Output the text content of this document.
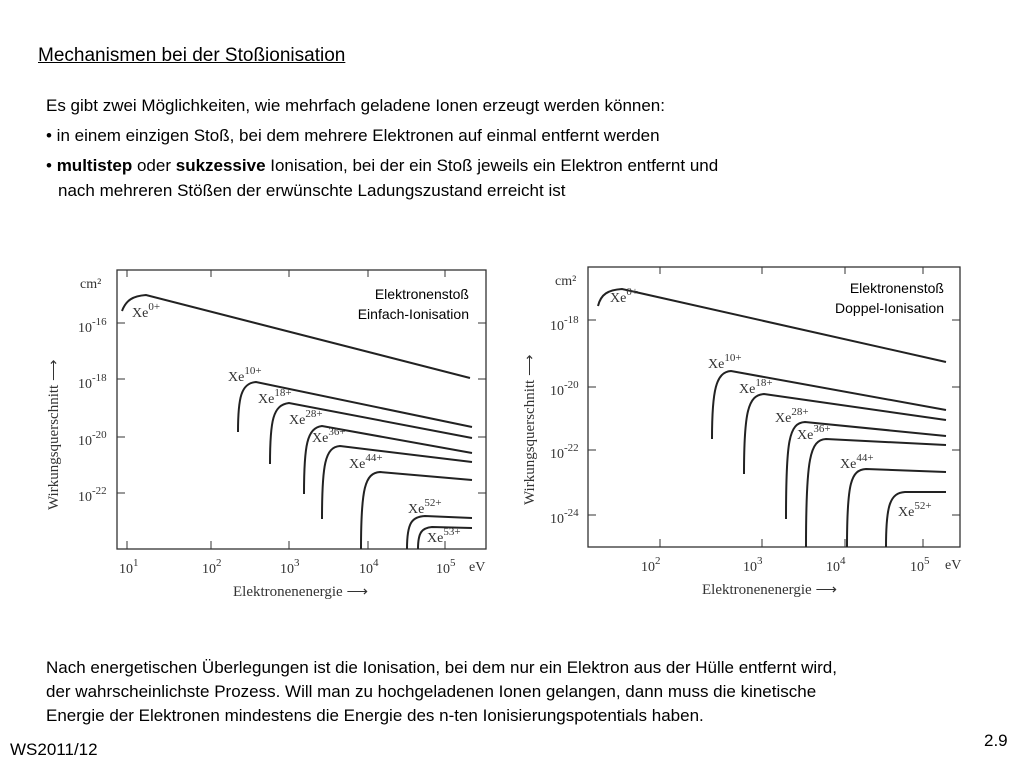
Mechanismen bei der Stoßionisation
Es gibt zwei Möglichkeiten, wie mehrfach geladene Ionen erzeugt werden können:
• in einem einzigen Stoß, bei dem mehrere Elektronen auf einmal entfernt werden
• multistep oder sukzessive Ionisation, bei der ein Stoß jeweils ein Elektron entfernt und
nach mehreren Stößen der erwünschte Ladungszustand erreicht ist
$Xe^{0+}$
$Xe^{10+}$
$Xe^{18+}$
$Xe^{28+}$
$Xe^{36+}$
$Xe^{44+}$
$Xe^{52+}$
$Xe^{53+}$
Elektronenstoß
Einfach-Ionisation
cm²
eV
$10^{-16}$
$10^{-18}$
$10^{-20}$
$10^{-22}$
$10^1$	$10^2$	$10^3$	$10^4$	$10^5$
Elektronenenergie ⟶
Wirkungsquerschnitt ⟶
$Xe^{0+}$
$Xe^{10+}$
$Xe^{18+}$
$Xe^{28+}$
$Xe^{36+}$
$Xe^{44+}$
$Xe^{52+}$
Elektronenstoß
Doppel-Ionisation
cm²
eV
$10^{-18}$
$10^{-20}$
$10^{-22}$
$10^{-24}$
$10^2$	$10^3$	$10^4$	$10^5$
Elektronenenergie ⟶
Wirkungsquerschnitt ⟶
Nach energetischen Überlegungen ist die Ionisation, bei dem nur ein Elektron aus der Hülle entfernt wird,
der wahrscheinlichste Prozess. Will man zu hochgeladenen Ionen gelangen, dann muss die kinetische
Energie der Elektronen mindestens die Energie des n-ten Ionisierungspotentials haben.
WS2011/12	2.9
